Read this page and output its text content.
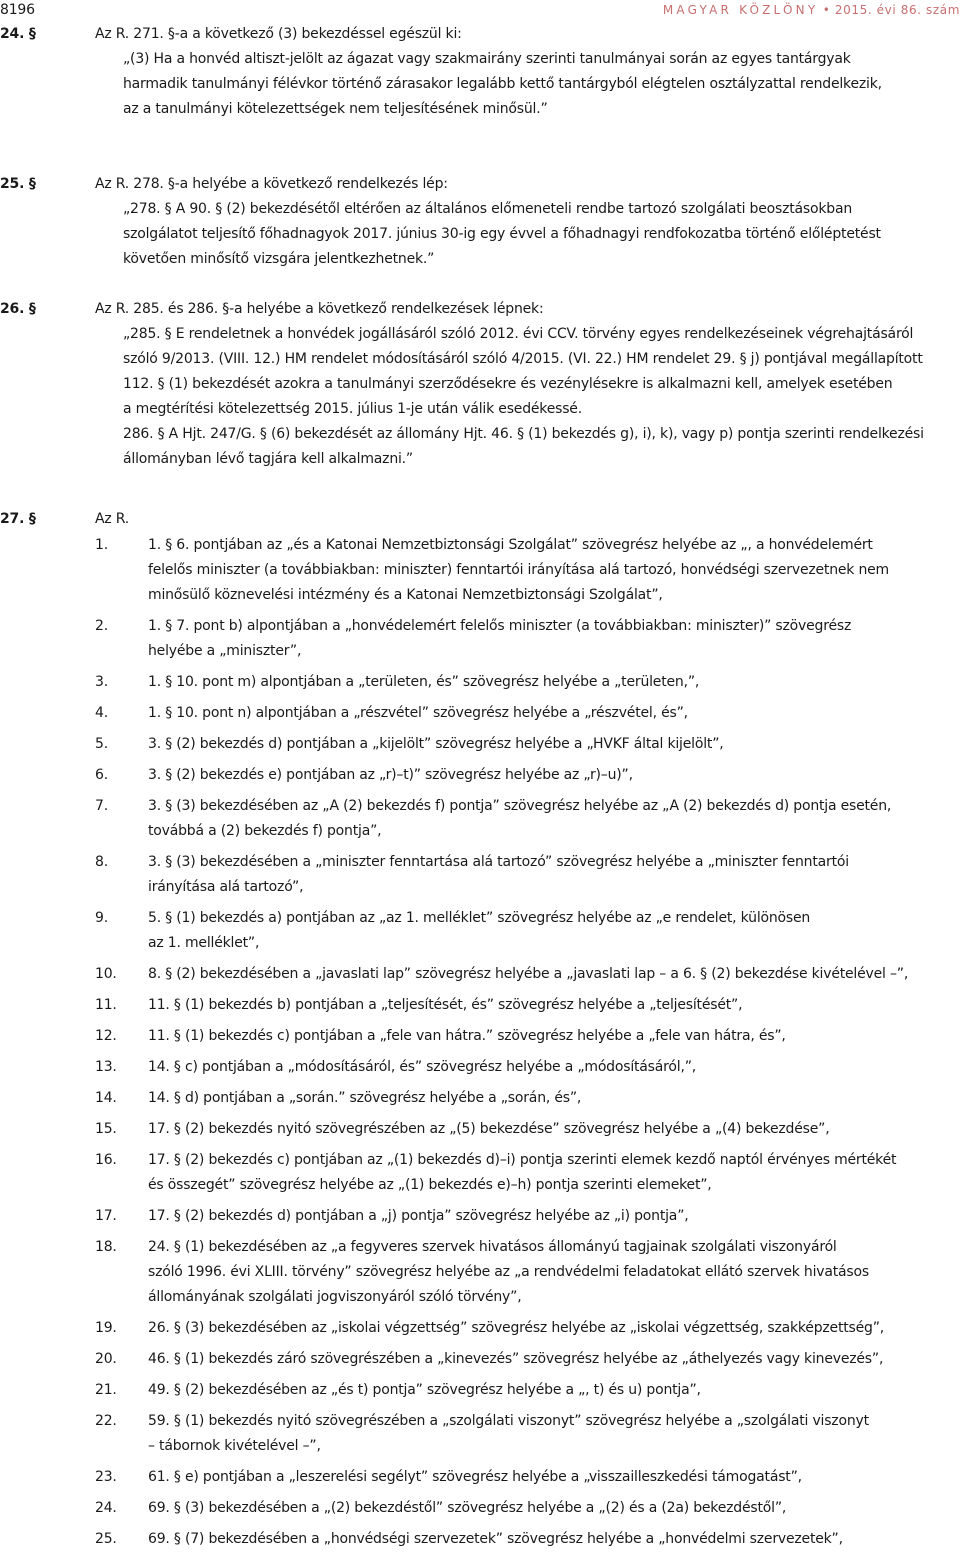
8196	MAGYAR KÖZLÖNY • 2015. évi 86. szám
24. §	Az R. 271. §-a a következő (3) bekezdéssel egészül ki:
„(3) Ha a honvéd altiszt-jelölt az ágazat vagy szakmairány szerinti tanulmányai során az egyes tantárgyak
harmadik tanulmányi félévkor történő zárasakor legalább kettő tantárgyból elégtelen osztályzattal rendelkezik,
az a tanulmányi kötelezettségek nem teljesítésének minősül.”
25. §	Az R. 278. §-a helyébe a következő rendelkezés lép:
„278. § A 90. § (2) bekezdésétől eltérően az általános előmeneteli rendbe tartozó szolgálati beosztásokban
szolgálatot teljesítő főhadnagyok 2017. június 30-ig egy évvel a főhadnagyi rendfokozatba történő előléptetést
követően minősítő vizsgára jelentkezhetnek.”
26. §	Az R. 285. és 286. §-a helyébe a következő rendelkezések lépnek:
„285. § E rendeletnek a honvédek jogállásáról szóló 2012. évi CCV. törvény egyes rendelkezéseinek végrehajtásáról
szóló 9/2013. (VIII. 12.) HM rendelet módosításáról szóló 4/2015. (VI. 22.) HM rendelet 29. § j) pontjával megállapított
112. § (1) bekezdését azokra a tanulmányi szerződésekre és vezénylésekre is alkalmazni kell, amelyek esetében
a megtérítési kötelezettség 2015. július 1-je után válik esedékessé.
286. § A Hjt. 247/G. § (6) bekezdését az állomány Hjt. 46. § (1) bekezdés g), i), k), vagy p) pontja szerinti rendelkezési
állományban lévő tagjára kell alkalmazni.”
27. §	Az R.
1.	1. § 6. pontjában az „és a Katonai Nemzetbiztonsági Szolgálat” szövegrész helyébe az „, a honvédelemért
felelős miniszter (a továbbiakban: miniszter) fenntartói irányítása alá tartozó, honvédségi szervezetnek nem
minősülő köznevelési intézmény és a Katonai Nemzetbiztonsági Szolgálat”,
2.	1. § 7. pont b) alpontjában a „honvédelemért felelős miniszter (a továbbiakban: miniszter)” szövegrész
helyébe a „miniszter”,
3.	1. § 10. pont m) alpontjában a „területen, és” szövegrész helyébe a „területen,”,
4.	1. § 10. pont n) alpontjában a „részvétel” szövegrész helyébe a „részvétel, és”,
5.	3. § (2) bekezdés d) pontjában a „kijelölt” szövegrész helyébe a „HVKF által kijelölt”,
6.	3. § (2) bekezdés e) pontjában az „r)–t)” szövegrész helyébe az „r)–u)”,
7.	3. § (3) bekezdésében az „A (2) bekezdés f) pontja” szövegrész helyébe az „A (2) bekezdés d) pontja esetén,
továbbá a (2) bekezdés f) pontja”,
8.	3. § (3) bekezdésében a „miniszter fenntartása alá tartozó” szövegrész helyébe a „miniszter fenntartói
irányítása alá tartozó”,
9.	5. § (1) bekezdés a) pontjában az „az 1. melléklet” szövegrész helyébe az „e rendelet, különösen
az 1. melléklet”,
10.	8. § (2) bekezdésében a „javaslati lap” szövegrész helyébe a „javaslati lap – a 6. § (2) bekezdése kivételével –”,
11.	11. § (1) bekezdés b) pontjában a „teljesítését, és” szövegrész helyébe a „teljesítését”,
12.	11. § (1) bekezdés c) pontjában a „fele van hátra.” szövegrész helyébe a „fele van hátra, és”,
13.	14. § c) pontjában a „módosításáról, és” szövegrész helyébe a „módosításáról,”,
14.	14. § d) pontjában a „során.” szövegrész helyébe a „során, és”,
15.	17. § (2) bekezdés nyitó szövegrészében az „(5) bekezdése” szövegrész helyébe a „(4) bekezdése”,
16.	17. § (2) bekezdés c) pontjában az „(1) bekezdés d)–i) pontja szerinti elemek kezdő naptól érvényes mértékét
és összegét” szövegrész helyébe az „(1) bekezdés e)–h) pontja szerinti elemeket”,
17.	17. § (2) bekezdés d) pontjában a „j) pontja” szövegrész helyébe az „i) pontja”,
18.	24. § (1) bekezdésében az „a fegyveres szervek hivatásos állományú tagjainak szolgálati viszonyáról
szóló 1996. évi XLIII. törvény” szövegrész helyébe az „a rendvédelmi feladatokat ellátó szervek hivatásos
állományának szolgálati jogviszonyáról szóló törvény”,
19.	26. § (3) bekezdésében az „iskolai végzettség” szövegrész helyébe az „iskolai végzettség, szakképzettség”,
20.	46. § (1) bekezdés záró szövegrészében a „kinevezés” szövegrész helyébe az „áthelyezés vagy kinevezés”,
21.	49. § (2) bekezdésében az „és t) pontja” szövegrész helyébe a „, t) és u) pontja”,
22.	59. § (1) bekezdés nyitó szövegrészében a „szolgálati viszonyt” szövegrész helyébe a „szolgálati viszonyt
– tábornok kivételével –”,
23.	61. § e) pontjában a „leszerelési segélyt” szövegrész helyébe a „visszailleszkedési támogatást”,
24.	69. § (3) bekezdésében a „(2) bekezdéstől” szövegrész helyébe a „(2) és a (2a) bekezdéstől”,
25.	69. § (7) bekezdésében a „honvédségi szervezetek” szövegrész helyébe a „honvédelmi szervezetek”,
